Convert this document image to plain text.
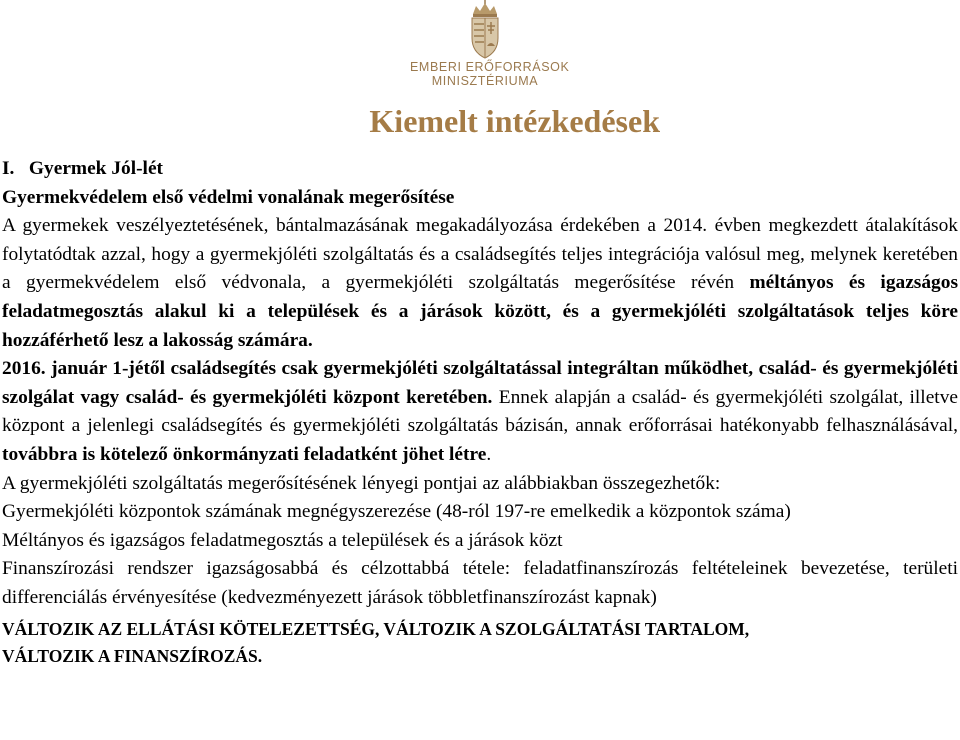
EMBERI ERŐFORRÁSOK
MINISZTÉRIUMA
Kiemelt intézkedések
I.   Gyermek Jól-lét
Gyermekvédelem első védelmi vonalának megerősítése

A gyermekek veszélyeztetésének, bántalmazásának megakadályozása érdekében a 2014. évben megkezdett átalakítások folytatódtak azzal, hogy a gyermekjóléti szolgáltatás és a családsegítés teljes integrációja valósul meg, melynek keretében a gyermekvédelem első védvonala, a gyermekjóléti szolgáltatás megerősítése révén méltányos és igazságos feladatmegosztás alakul ki a települések és a járások között, és a gyermekjóléti szolgáltatások teljes köre hozzáférhető lesz a lakosság számára.

2016. január 1-jétől családsegítés csak gyermekjóléti szolgáltatással integráltan működhet, család- és gyermekjóléti szolgálat vagy család- és gyermekjóléti központ keretében. Ennek alapján a család- és gyermekjóléti szolgálat, illetve központ a jelenlegi családsegítés és gyermekjóléti szolgáltatás bázisán, annak erőforrásai hatékonyabb felhasználásával, továbbra is kötelező önkormányzati feladatként jöhet létre.

A gyermekjóléti szolgáltatás megerősítésének lényegi pontjai az alábbiakban összegezhetők:

Gyermekjóléti központok számának megnégyszerezése (48-ról 197-re emelkedik a központok száma)

Méltányos és igazságos feladatmegosztás a települések és a járások közt

Finanszírozási rendszer igazságosabbá és célzottabbá tétele: feladatfinanszírozás feltételeinek bevezetése, területi differenciálás érvényesítése (kedvezményezett járások többletfinanszírozást kapnak)

VÁLTOZIK AZ ELLÁTÁSI KÖTELEZETTSÉG, VÁLTOZIK A SZOLGÁLTATÁSI TARTALOM,
VÁLTOZIK A FINANSZÍROZÁS.
